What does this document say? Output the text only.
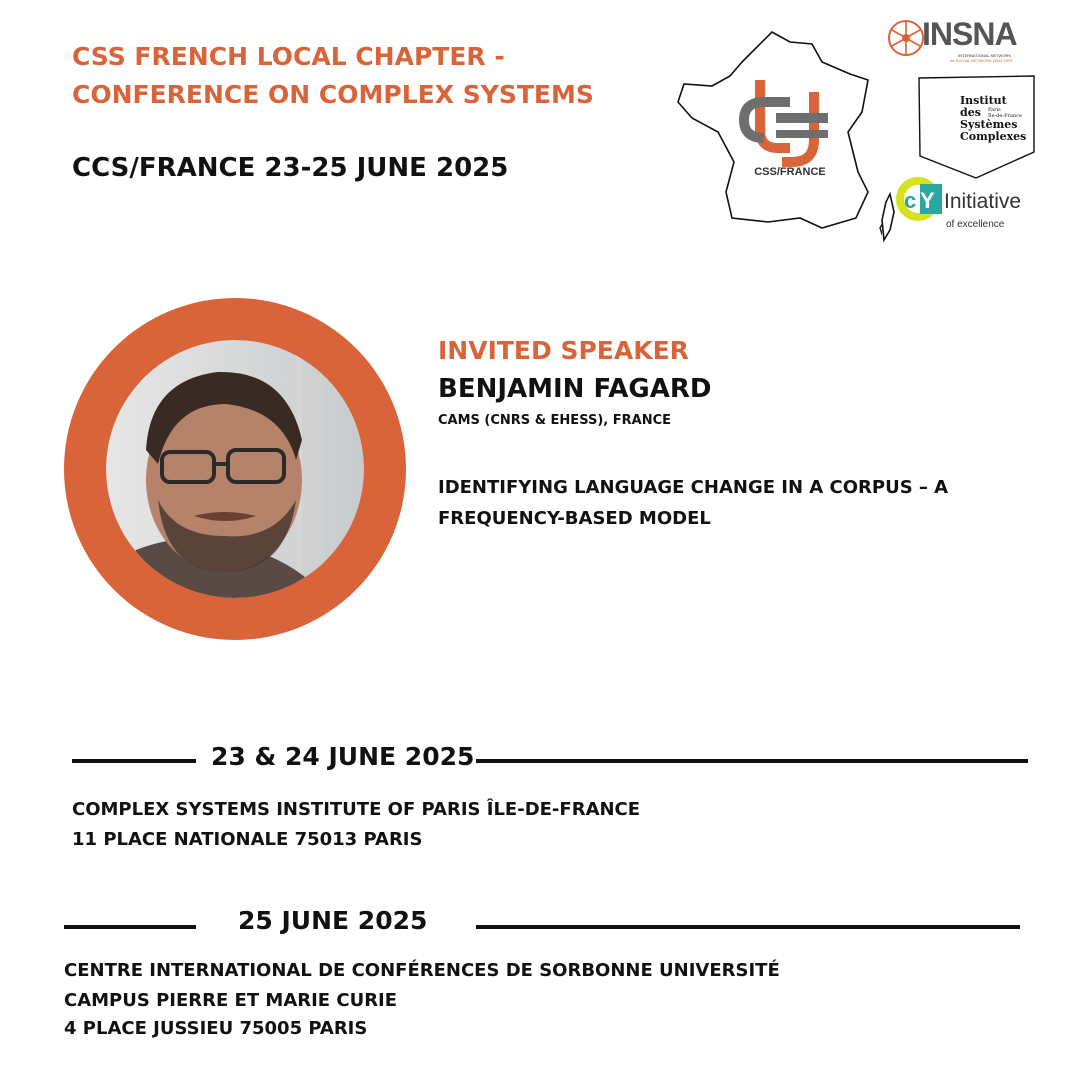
CSS FRENCH LOCAL CHAPTER -
CONFERENCE ON COMPLEX SYSTEMS
CCS/FRANCE 23-25 JUNE 2025	CSS/FRANCE
INSNA
INTERNATIONAL NETWORK
for SOCIAL NETWORK ANALYSIS
Institut
des Paris
Île-de-France
Systèmes
Complexes
Y
c Initiative
of excellence
INVITED SPEAKER
BENJAMIN FAGARD
CAMS (CNRS & EHESS), FRANCE
IDENTIFYING LANGUAGE CHANGE IN A CORPUS – A FREQUENCY-BASED MODEL
23 & 24 JUNE 2025
COMPLEX SYSTEMS INSTITUTE OF PARIS ÎLE-DE-FRANCE
11 PLACE NATIONALE 75013 PARIS
25 JUNE 2025
CENTRE INTERNATIONAL DE CONFÉRENCES DE SORBONNE UNIVERSITÉ
CAMPUS PIERRE ET MARIE CURIE
4 PLACE JUSSIEU 75005 PARIS
